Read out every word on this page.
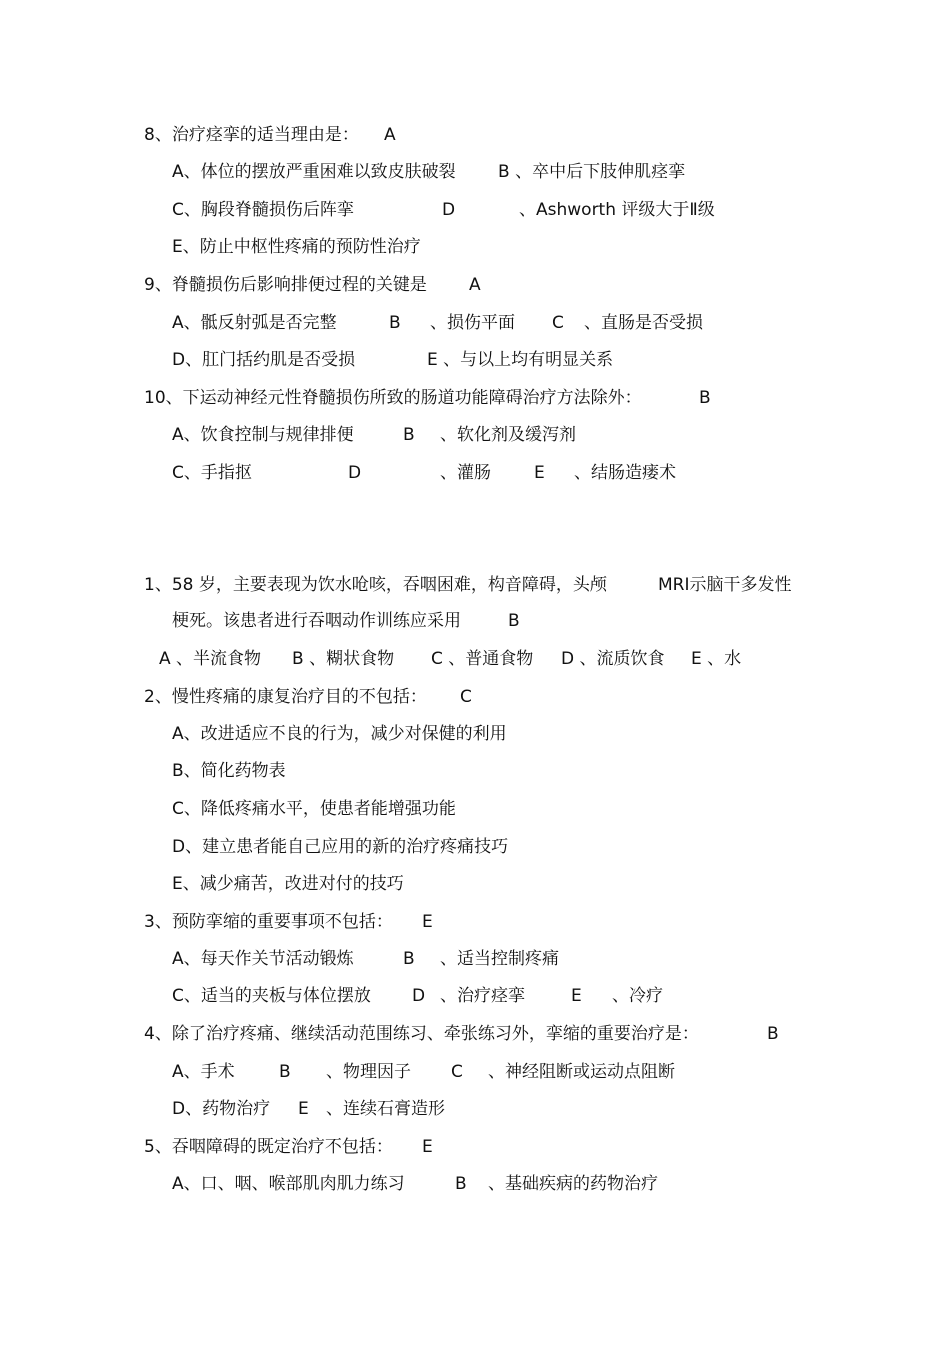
8、治疗痉挛的适当理由是： A
A、体位的摆放严重困难以致皮肤破裂 B 、卒中后下肢伸肌痉挛
C、胸段脊髓损伤后阵挛	D	、Ashworth 评级大于Ⅱ级
E、防止中枢性疼痛的预防性治疗
9、脊髓损伤后影响排便过程的关键是 A
A、骶反射弧是否完整	B 、损伤平面 C 、直肠是否受损
D、肛门括约肌是否受损	E 、与以上均有明显关系
10、下运动神经元性脊髓损伤所致的肠道功能障碍治疗方法除外：	B
A、饮食控制与规律排便	B 、软化剂及缓泻剂
C、手指抠	D	、灌肠	E 、结肠造瘘术
1、58 岁，主要表现为饮水呛咳，吞咽困难，构音障碍，头颅	MRI示脑干多发性
梗死。该患者进行吞咽动作训练应采用	B
A 、半流食物 B 、糊状食物 C 、普通食物 D 、流质饮食 E 、水
2、慢性疼痛的康复治疗目的不包括： C
A、改进适应不良的行为，减少对保健的利用
B、简化药物表
C、降低疼痛水平，使患者能增强功能
D、建立患者能自己应用的新的治疗疼痛技巧
E、减少痛苦，改进对付的技巧
3、预防挛缩的重要事项不包括： E
A、每天作关节活动锻炼	B 、适当控制疼痛
C、适当的夹板与体位摆放 D 、治疗痉挛	E 、冷疗
4、除了治疗疼痛、继续活动范围练习、牵张练习外，挛缩的重要治疗是：	B
A、手术	B 、物理因子 C 、神经阻断或运动点阻断
D、药物治疗 E 、连续石膏造形
5、吞咽障碍的既定治疗不包括： E
A、口、咽、喉部肌肉肌力练习	B 、基础疾病的药物治疗
